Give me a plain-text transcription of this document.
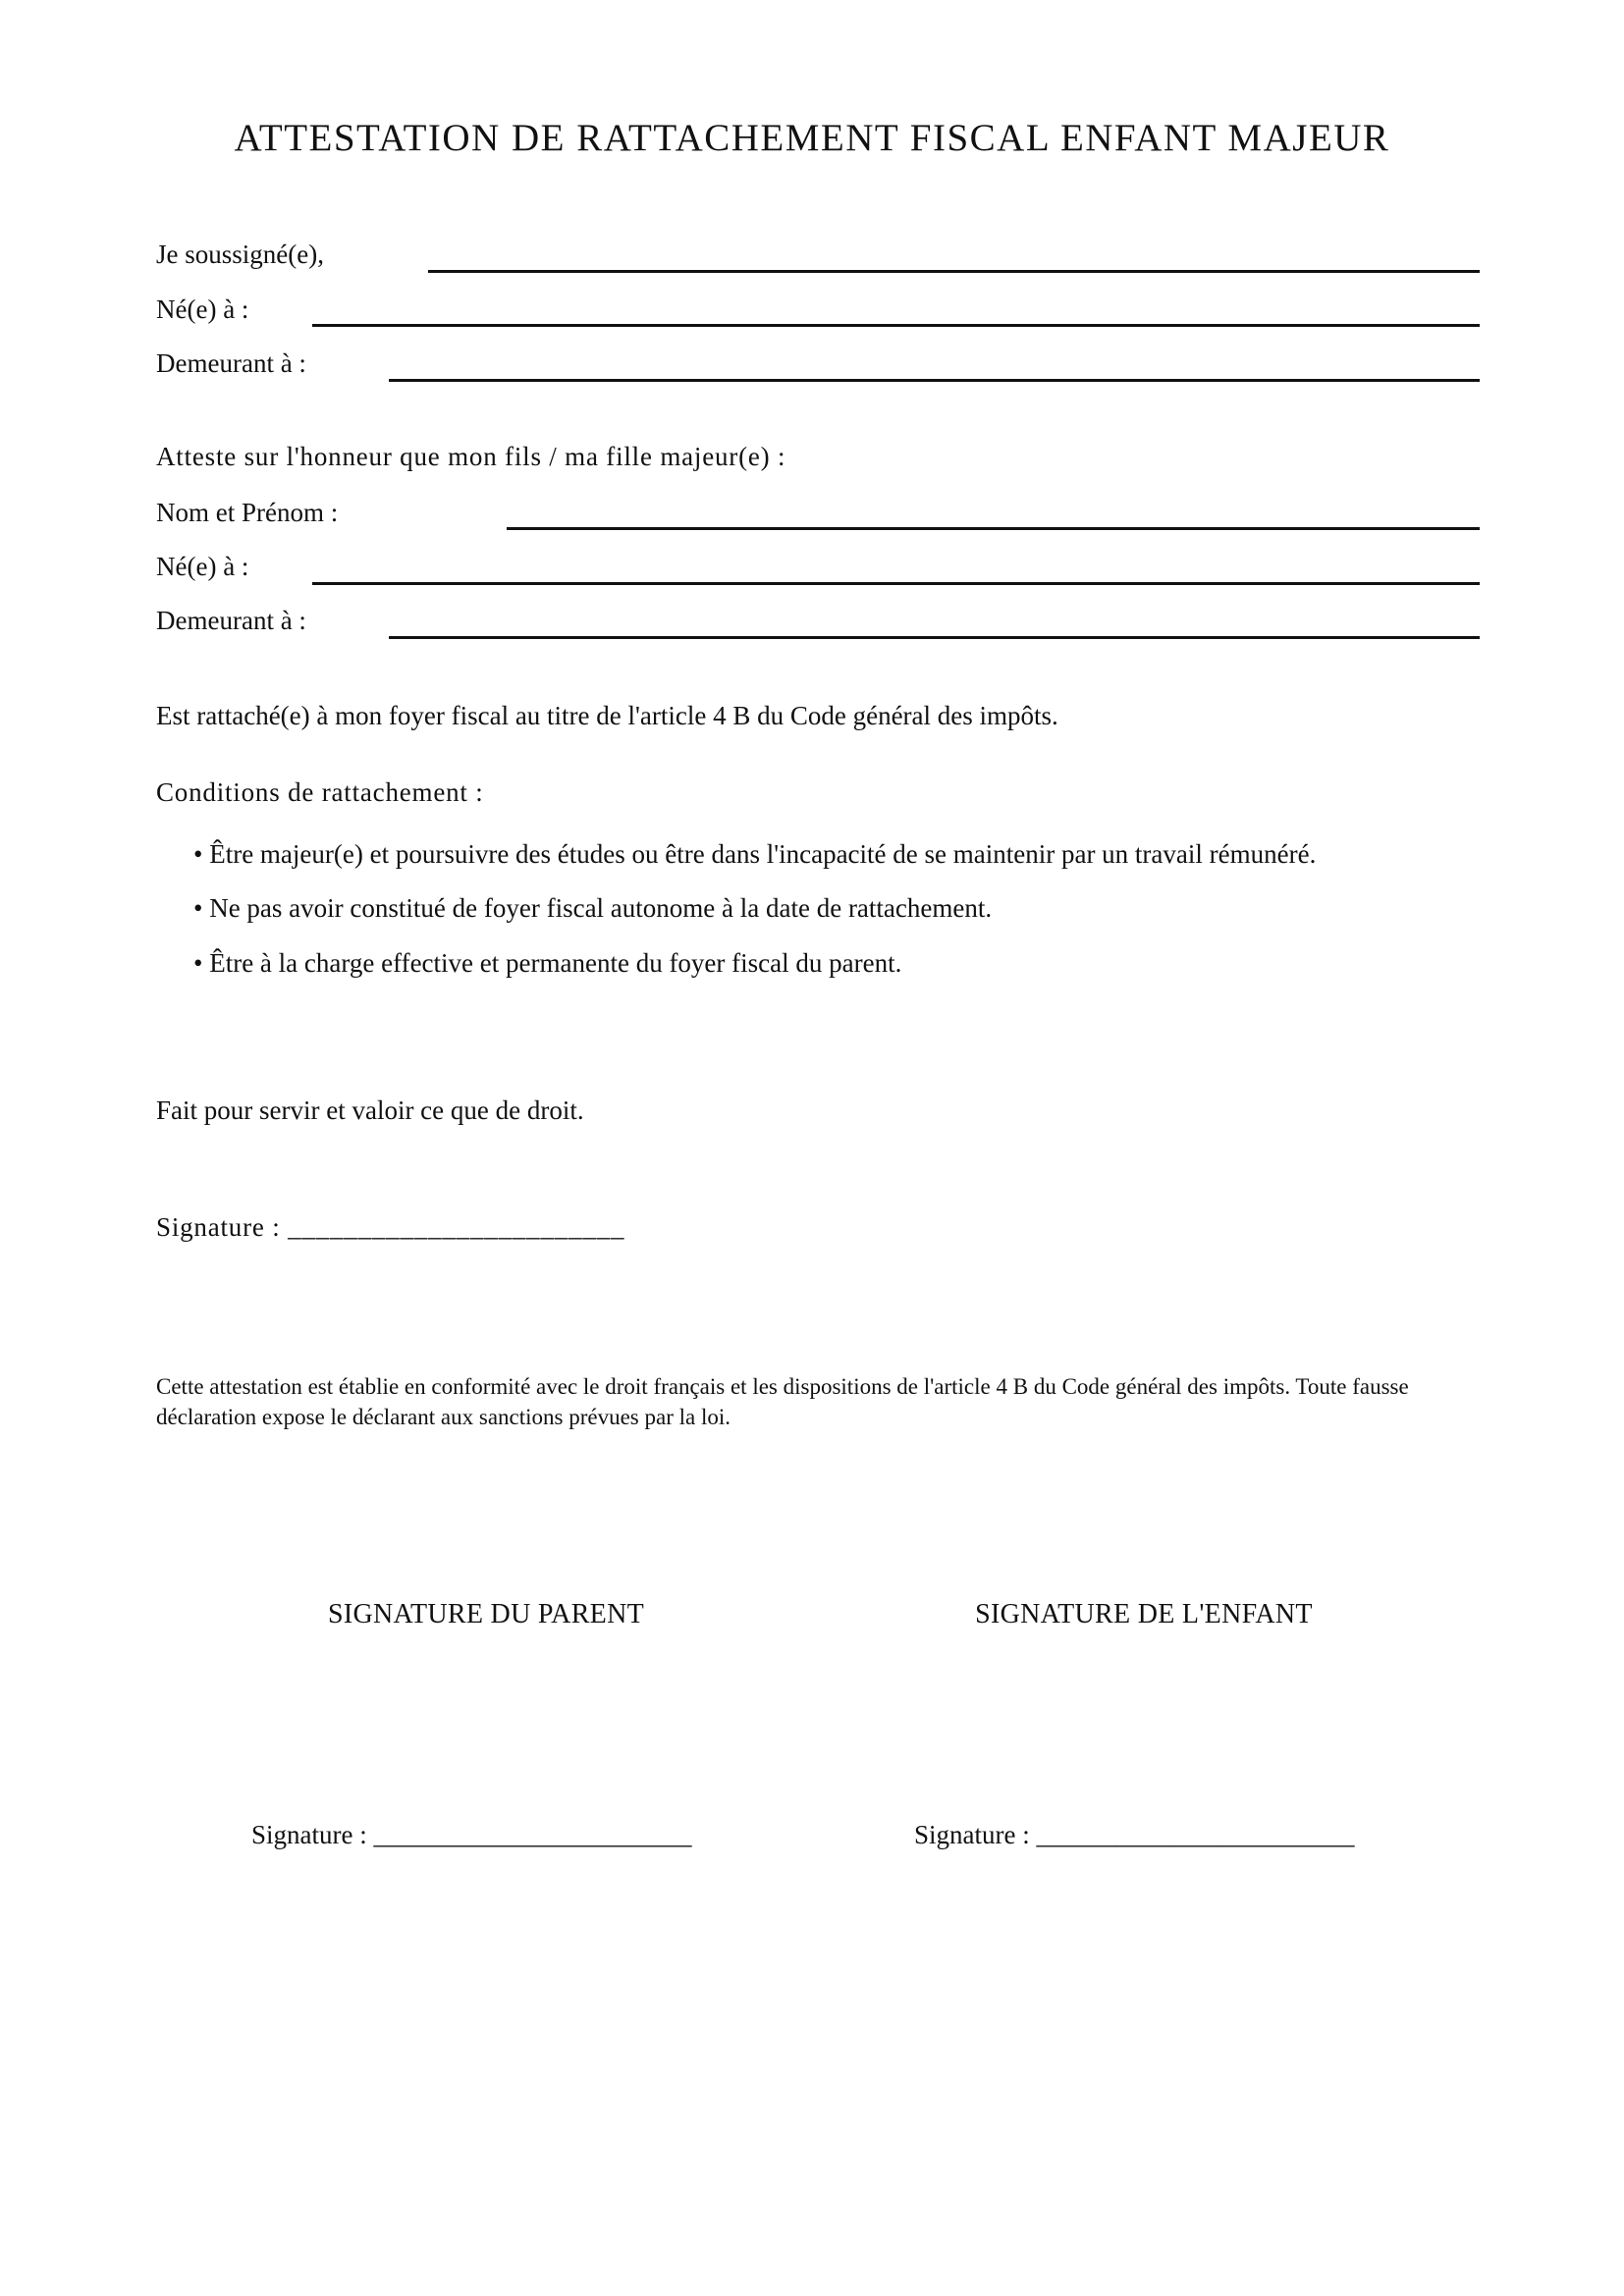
ATTESTATION DE RATTACHEMENT FISCAL ENFANT MAJEUR
Je soussigné(e),
Né(e) à :
Demeurant à :
Atteste sur l'honneur que mon fils / ma fille majeur(e) :
Nom et Prénom :
Né(e) à :
Demeurant à :
Est rattaché(e) à mon foyer fiscal au titre de l'article 4 B du Code général des impôts.
Conditions de rattachement :
• Être majeur(e) et poursuivre des études ou être dans l'incapacité de se maintenir par un travail rémunéré.
• Ne pas avoir constitué de foyer fiscal autonome à la date de rattachement.
• Être à la charge effective et permanente du foyer fiscal du parent.
Fait pour servir et valoir ce que de droit.
Signature : ________________________
Cette attestation est établie en conformité avec le droit français et les dispositions de l'article 4 B du Code général des impôts. Toute fausse déclaration expose le déclarant aux sanctions prévues par la loi.
SIGNATURE DU PARENT	SIGNATURE DE L'ENFANT
Signature : ________________________	Signature : ________________________
